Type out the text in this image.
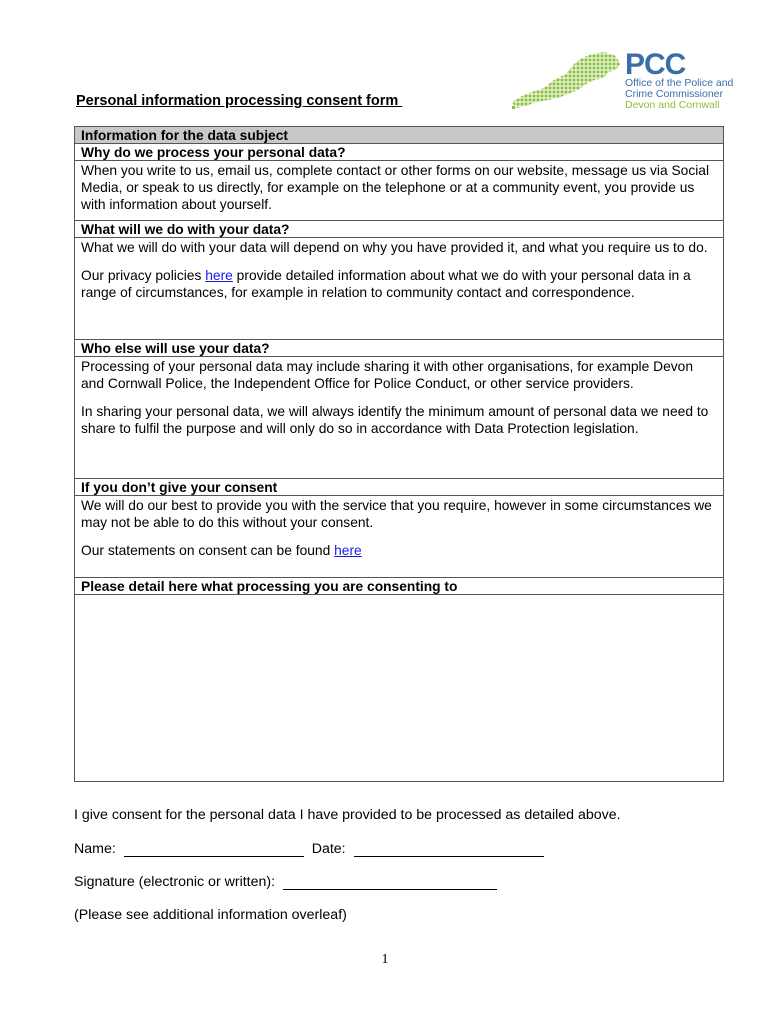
PCC
Office of the Police and
Crime Commissioner
Devon and Cornwall
Personal information processing consent form
Information for the data subject
Why do we process your personal data?

When you write to us, email us, complete contact or other forms on our website, message us via Social Media, or speak to us directly, for example on the telephone or at a community event, you provide us with information about yourself.

What will we do with your data?

What we will do with your data will depend on why you have provided it, and what you require us to do.

Our privacy policies here provide detailed information about what we do with your personal data in a range of circumstances, for example in relation to community contact and correspondence.

Who else will use your data?

Processing of your personal data may include sharing it with other organisations, for example Devon and Cornwall Police, the Independent Office for Police Conduct, or other service providers.

In sharing your personal data, we will always identify the minimum amount of personal data we need to share to fulfil the purpose and will only do so in accordance with Data Protection legislation.

If you don’t give your consent

We will do our best to provide you with the service that you require, however in some circumstances we may not be able to do this without your consent.

Our statements on consent can be found here

Please detail here what processing you are consenting to
I give consent for the personal data I have provided to be processed as detailed above.
Name:	Date:
Signature (electronic or written):
(Please see additional information overleaf)
1
